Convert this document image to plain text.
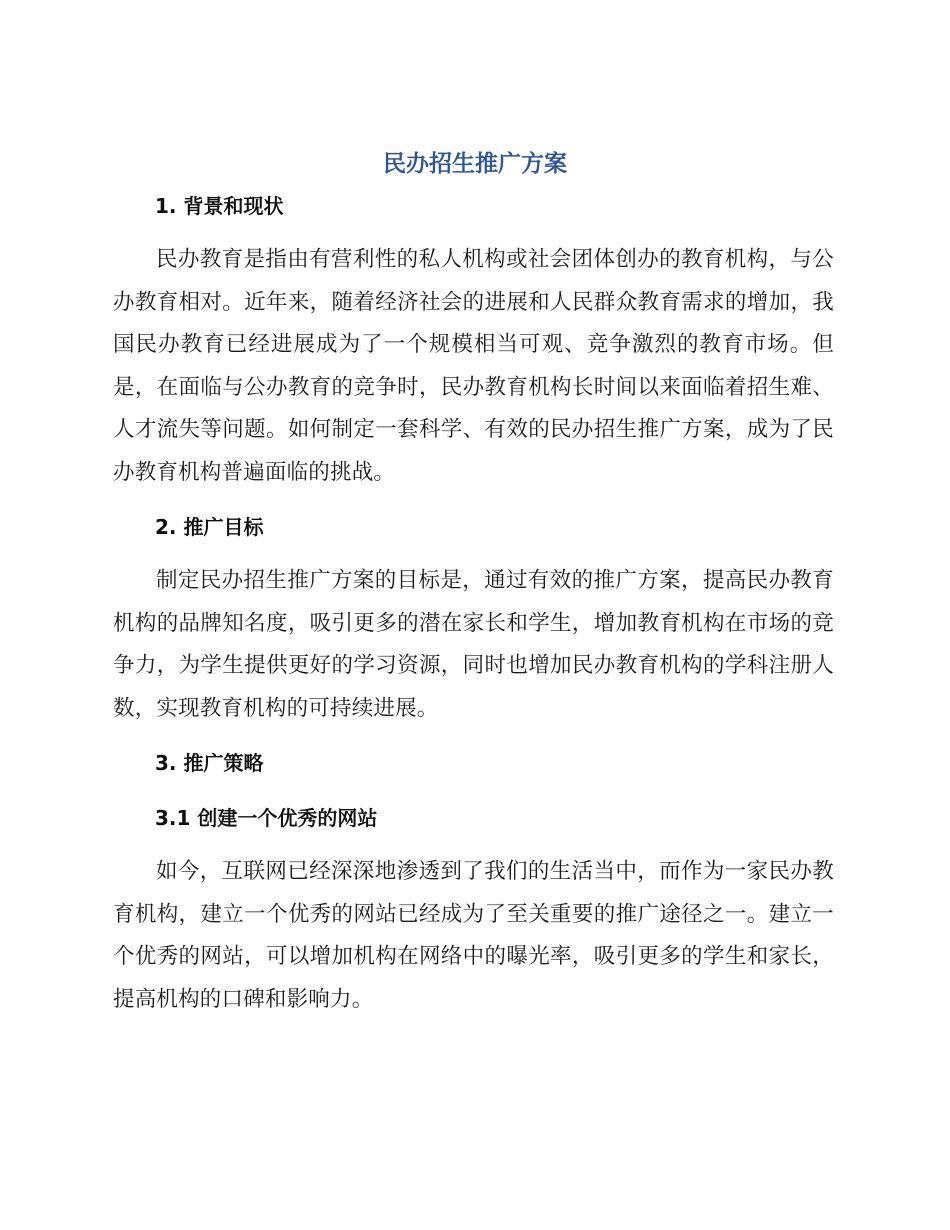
民办招生推广方案
1. 背景和现状

民办教育是指由有营利性的私人机构或社会团体创办的教育机构，与公办教育相对。近年来，随着经济社会的进展和人民群众教育需求的增加，我国民办教育已经进展成为了一个规模相当可观、竞争激烈的教育市场。但是，在面临与公办教育的竞争时，民办教育机构长时间以来面临着招生难、人才流失等问题。如何制定一套科学、有效的民办招生推广方案，成为了民办教育机构普遍面临的挑战。

2. 推广目标

制定民办招生推广方案的目标是，通过有效的推广方案，提高民办教育机构的品牌知名度，吸引更多的潜在家长和学生，增加教育机构在市场的竞争力，为学生提供更好的学习资源，同时也增加民办教育机构的学科注册人数，实现教育机构的可持续进展。

3. 推广策略
3.1 创建一个优秀的网站

如今，互联网已经深深地渗透到了我们的生活当中，而作为一家民办教育机构，建立一个优秀的网站已经成为了至关重要的推广途径之一。建立一个优秀的网站，可以增加机构在网络中的曝光率，吸引更多的学生和家长，提高机构的口碑和影响力。
